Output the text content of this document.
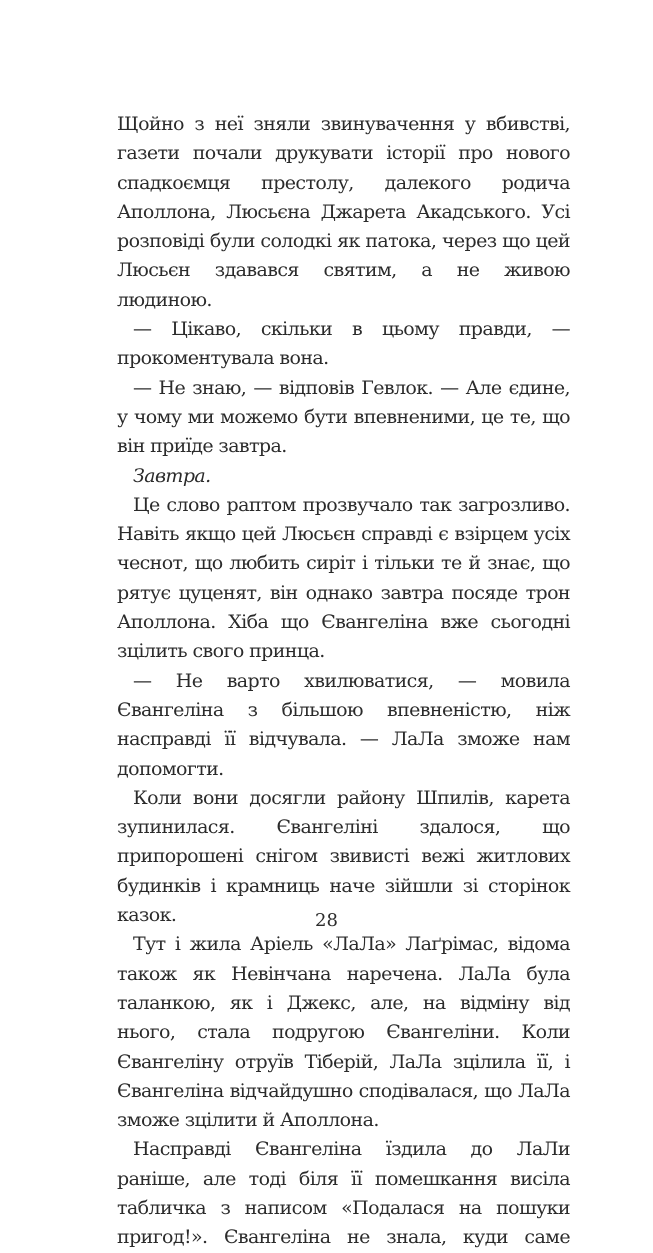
Щойно з неї зняли звинувачення у вбивстві, газети почали друкувати історії про нового спадкоємця престолу, далекого родича Аполлона, Люсьєна Джарета Акадського. Усі розповіді були солодкі як патока, через що цей Люсьєн здавався святим, а не живою людиною.

— Цікаво, скільки в цьому правди, — прокоментувала вона.

— Не знаю, — відповів Гевлок. — Але єдине, у чому ми можемо бути впевненими, це те, що він приїде завтра.

Завтра.

Це слово раптом прозвучало так загрозливо. Навіть якщо цей Люсьєн справді є взірцем усіх чеснот, що любить сиріт і тільки те й знає, що рятує цуценят, він однако завтра посяде трон Аполлона. Хіба що Євангеліна вже сьогодні зцілить свого принца.

— Не варто хвилюватися, — мовила Євангеліна з більшою впевненістю, ніж насправді її відчувала. — ЛаЛа зможе нам допомогти.

Коли вони досягли району Шпилів, карета зупинилася. Євангеліні здалося, що припорошені снігом звивисті вежі житлових будинків і крамниць наче зійшли зі сторінок казок.

Тут і жила Аріель «ЛаЛа» Лаґрімас, відома також як Невінчана наречена. ЛаЛа була таланкою, як і Джекс, але, на відміну від нього, стала подругою Євангеліни. Коли Євангеліну отруїв Тіберій, ЛаЛа зцілила її, і Євангеліна відчайдушно сподівалася, що ЛаЛа зможе зцілити й Аполлона.

Насправді Євангеліна їздила до ЛаЛи раніше, але тоді біля її помешкання висіла табличка з написом «Подалася на пошуки пригод!». Євангеліна не знала, куди саме

28
